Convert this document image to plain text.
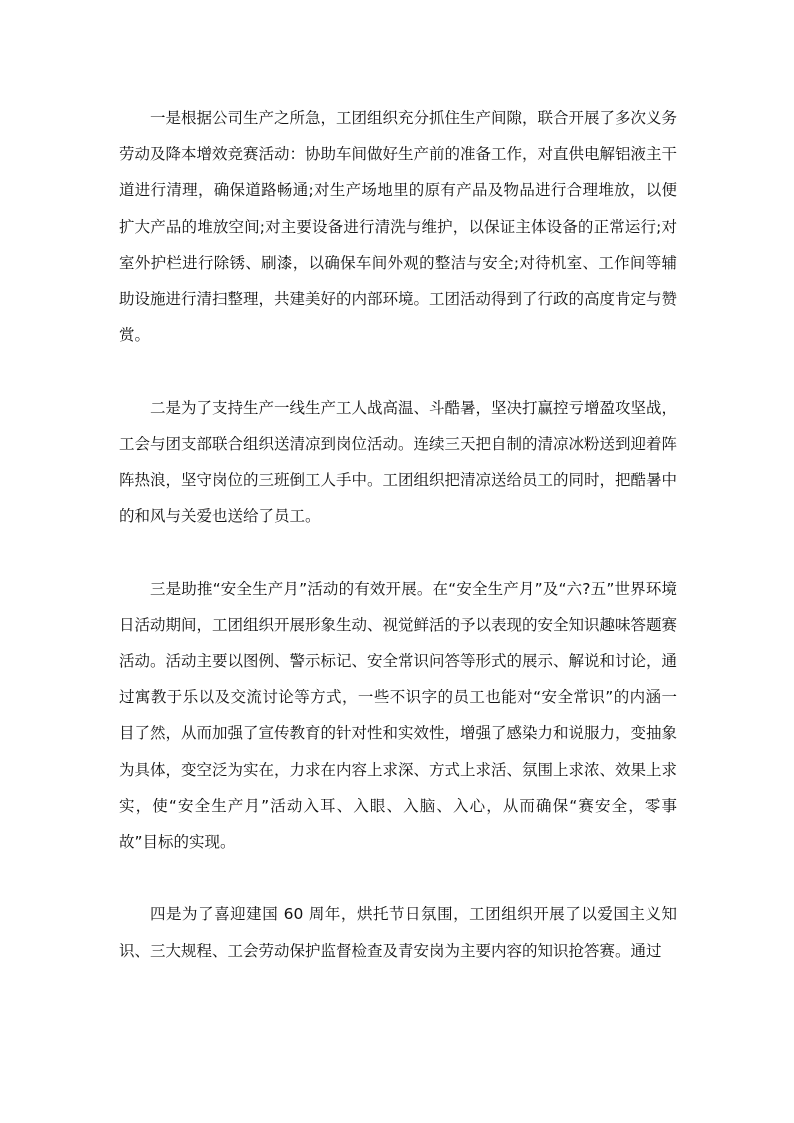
一是根据公司生产之所急，工团组织充分抓住生产间隙，联合开展了多次义务劳动及降本增效竞赛活动：协助车间做好生产前的准备工作，对直供电解铝液主干道进行清理，确保道路畅通;对生产场地里的原有产品及物品进行合理堆放，以便扩大产品的堆放空间;对主要设备进行清洗与维护，以保证主体设备的正常运行;对室外护栏进行除锈、刷漆，以确保车间外观的整洁与安全;对待机室、工作间等辅助设施进行清扫整理，共建美好的内部环境。工团活动得到了行政的高度肯定与赞赏。

二是为了支持生产一线生产工人战高温、斗酷暑，坚决打赢控亏增盈攻坚战，工会与团支部联合组织送清凉到岗位活动。连续三天把自制的清凉冰粉送到迎着阵阵热浪，坚守岗位的三班倒工人手中。工团组织把清凉送给员工的同时，把酷暑中的和风与关爱也送给了员工。

三是助推“安全生产月”活动的有效开展。在“安全生产月”及“六?五”世界环境日活动期间，工团组织开展形象生动、视觉鲜活的予以表现的安全知识趣味答题赛活动。活动主要以图例、警示标记、安全常识问答等形式的展示、解说和讨论，通过寓教于乐以及交流讨论等方式，一些不识字的员工也能对“安全常识”的内涵一目了然，从而加强了宣传教育的针对性和实效性，增强了感染力和说服力，变抽象为具体，变空泛为实在，力求在内容上求深、方式上求活、氛围上求浓、效果上求实，使“安全生产月”活动入耳、入眼、入脑、入心，从而确保“赛安全，零事故”目标的实现。

四是为了喜迎建国 60 周年，烘托节日氛围，工团组织开展了以爱国主义知识、三大规程、工会劳动保护监督检查及青安岗为主要内容的知识抢答赛。通过
